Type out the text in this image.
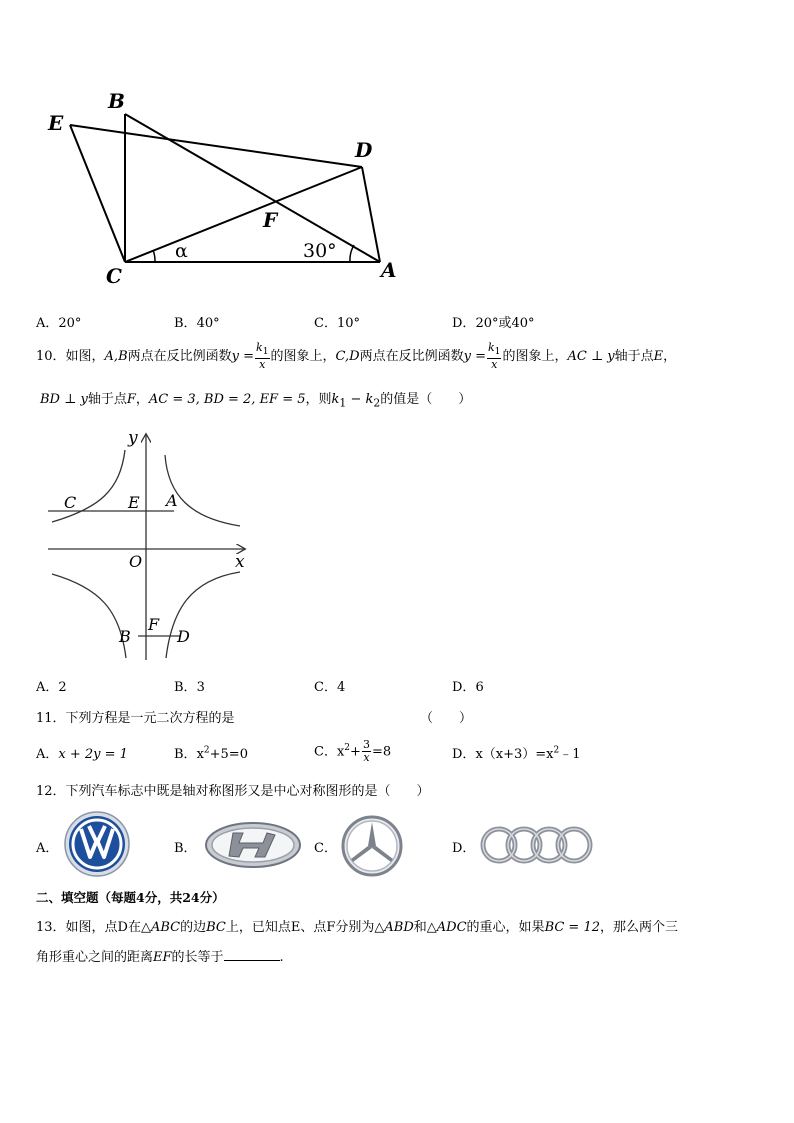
B
E
D
F
C	A
α	30°
A．20°	B．40°	C．10°	D．20°或40°
10．如图，A,B两点在反比例函数$y = \frac{k_1}{x}$ 的图象上，C,D两点在反比例函数$y = \frac{k_1}{x}$ 的图象上，AC ⊥ y轴于点E，
BD ⊥ y轴于点F，AC = 3, BD = 2, EF = 5，则$k_1 - k_2$的值是（　　）
y
x
C	E A
O
B
F
D
A．2	B．3	C．4	D．6
11．下列方程是一元二次方程的是	（　　）
A．x + 2y = 1	B．$x^2+5=0$	C．$x^2+ \frac{3}{x} =8$	D．$x(x+3)=x^2﹣1$
12．下列汽车标志中既是轴对称图形又是中心对称图形的是（　　）
A．	B．	C．	D．
二、填空题（每题4分，共24分）
13．如图，点D在△ABC的边BC上，已知点E、点F分别为△ABD和△ADC的重心，如果BC = 12，那么两个三
角形重心之间的距离EF的长等于	.
